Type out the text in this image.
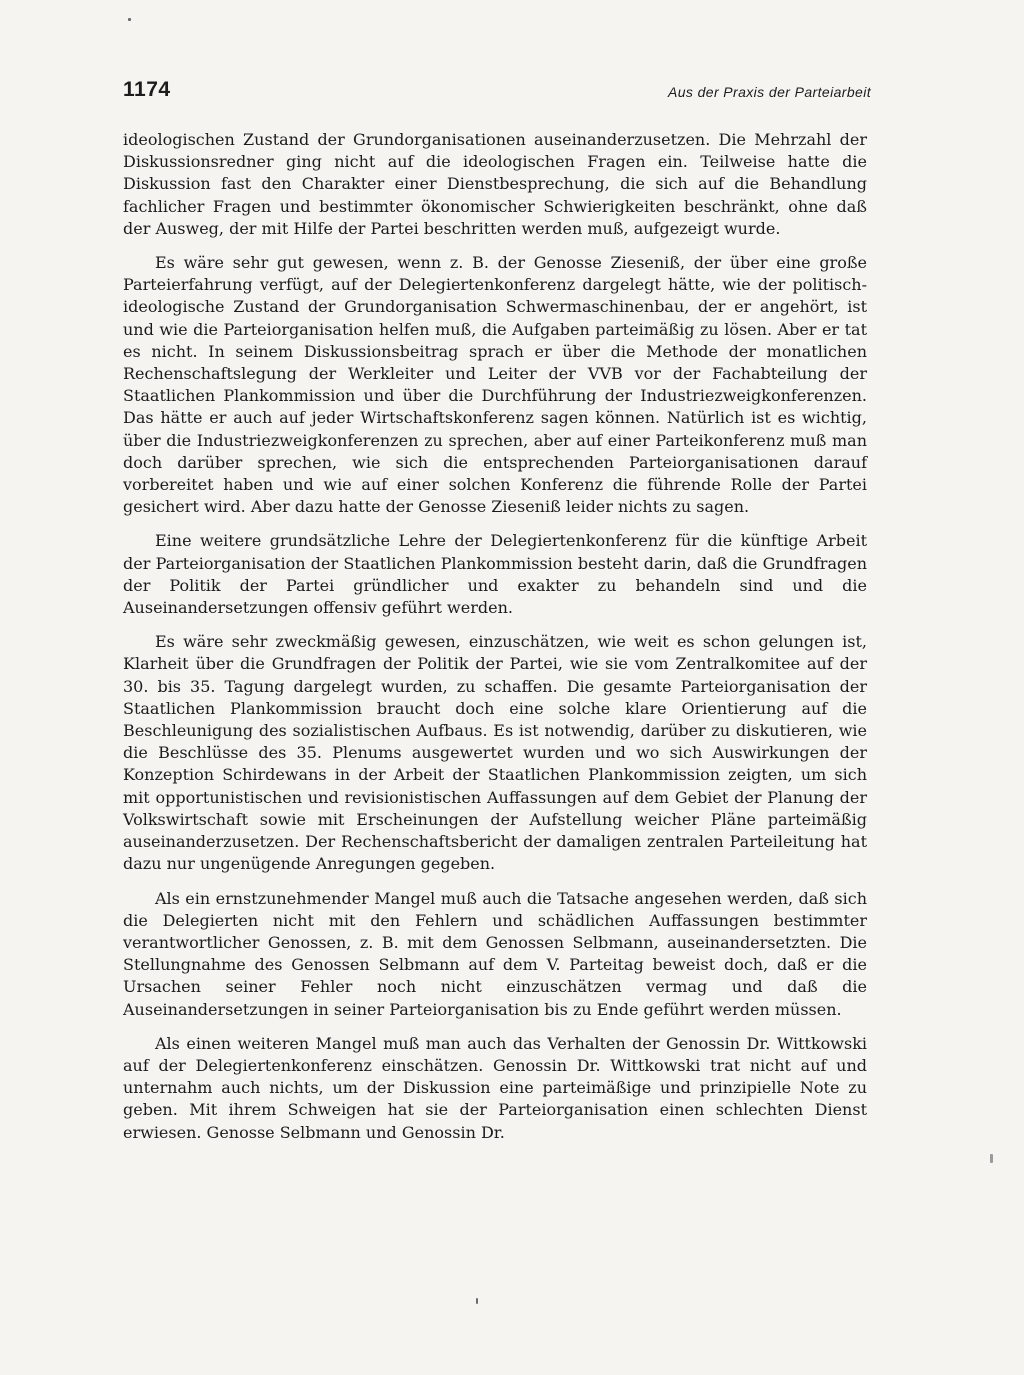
1174	Aus der Praxis der Parteiarbeit

ideologischen Zustand der Grundorganisationen auseinanderzusetzen. Die Mehrzahl der Diskussionsredner ging nicht auf die ideologischen Fragen ein. Teilweise hatte die Diskussion fast den Charakter einer Dienstbesprechung, die sich auf die Behandlung fachlicher Fragen und bestimmter ökonomischer Schwierigkeiten beschränkt, ohne daß der Ausweg, der mit Hilfe der Partei beschritten werden muß, aufgezeigt wurde.

Es wäre sehr gut gewesen, wenn z. B. der Genosse Ziesenіß, der über eine große Parteierfahrung verfügt, auf der Delegiertenkonferenz dargelegt hätte, wie der politisch-ideologische Zustand der Grundorganisation Schwermaschinenbau, der er angehört, ist und wie die Parteiorganisation helfen muß, die Aufgaben parteimäßig zu lösen. Aber er tat es nicht. In seinem Diskussionsbeitrag sprach er über die Methode der monatlichen Rechenschaftslegung der Werkleiter und Leiter der VVB vor der Fachabteilung der Staatlichen Plankommission und über die Durchführung der Industriezweigkonferenzen. Das hätte er auch auf jeder Wirtschaftskonferenz sagen können. Natürlich ist es wichtig, über die Industriezweigkonferenzen zu sprechen, aber auf einer Parteikonferenz muß man doch darüber sprechen, wie sich die entsprechenden Parteiorganisationen darauf vorbereitet haben und wie auf einer solchen Konferenz die führende Rolle der Partei gesichert wird. Aber dazu hatte der Genosse Ziesenіß leider nichts zu sagen.

Eine weitere grundsätzliche Lehre der Delegiertenkonferenz für die künftige Arbeit der Parteiorganisation der Staatlichen Plankommission besteht darin, daß die Grundfragen der Politik der Partei gründlicher und exakter zu behandeln sind und die Auseinandersetzungen offensiv geführt werden.

Es wäre sehr zweckmäßig gewesen, einzuschätzen, wie weit es schon gelungen ist, Klarheit über die Grundfragen der Politik der Partei, wie sie vom Zentralkomitee auf der 30. bis 35. Tagung dargelegt wurden, zu schaffen. Die gesamte Parteiorganisation der Staatlichen Plankommission braucht doch eine solche klare Orientierung auf die Beschleunigung des sozialistischen Aufbaus. Es ist notwendig, darüber zu diskutieren, wie die Beschlüsse des 35. Plenums ausgewertet wurden und wo sich Auswirkungen der Konzeption Schirdewans in der Arbeit der Staatlichen Plankommission zeigten, um sich mit opportunistischen und revisionistischen Auffassungen auf dem Gebiet der Planung der Volkswirtschaft sowie mit Erscheinungen der Aufstellung weicher Pläne parteimäßig auseinanderzusetzen. Der Rechenschaftsbericht der damaligen zentralen Parteileitung hat dazu nur ungenügende Anregungen gegeben.

Als ein ernstzunehmender Mangel muß auch die Tatsache angesehen werden, daß sich die Delegierten nicht mit den Fehlern und schädlichen Auffassungen bestimmter verantwortlicher Genossen, z. B. mit dem Genossen Selbmann, auseinandersetzten. Die Stellungnahme des Genossen Selbmann auf dem V. Parteitag beweist doch, daß er die Ursachen seiner Fehler noch nicht einzuschätzen vermag und daß die Auseinandersetzungen in seiner Parteiorganisation bis zu Ende geführt werden müssen.

Als einen weiteren Mangel muß man auch das Verhalten der Genossin Dr. Wittkowski auf der Delegiertenkonferenz einschätzen. Genossin Dr. Wittkowski trat nicht auf und unternahm auch nichts, um der Diskussion eine parteimäßige und prinzipielle Note zu geben. Mit ihrem Schweigen hat sie der Parteiorganisation einen schlechten Dienst erwiesen. Genosse Selbmann und Genossin Dr.
